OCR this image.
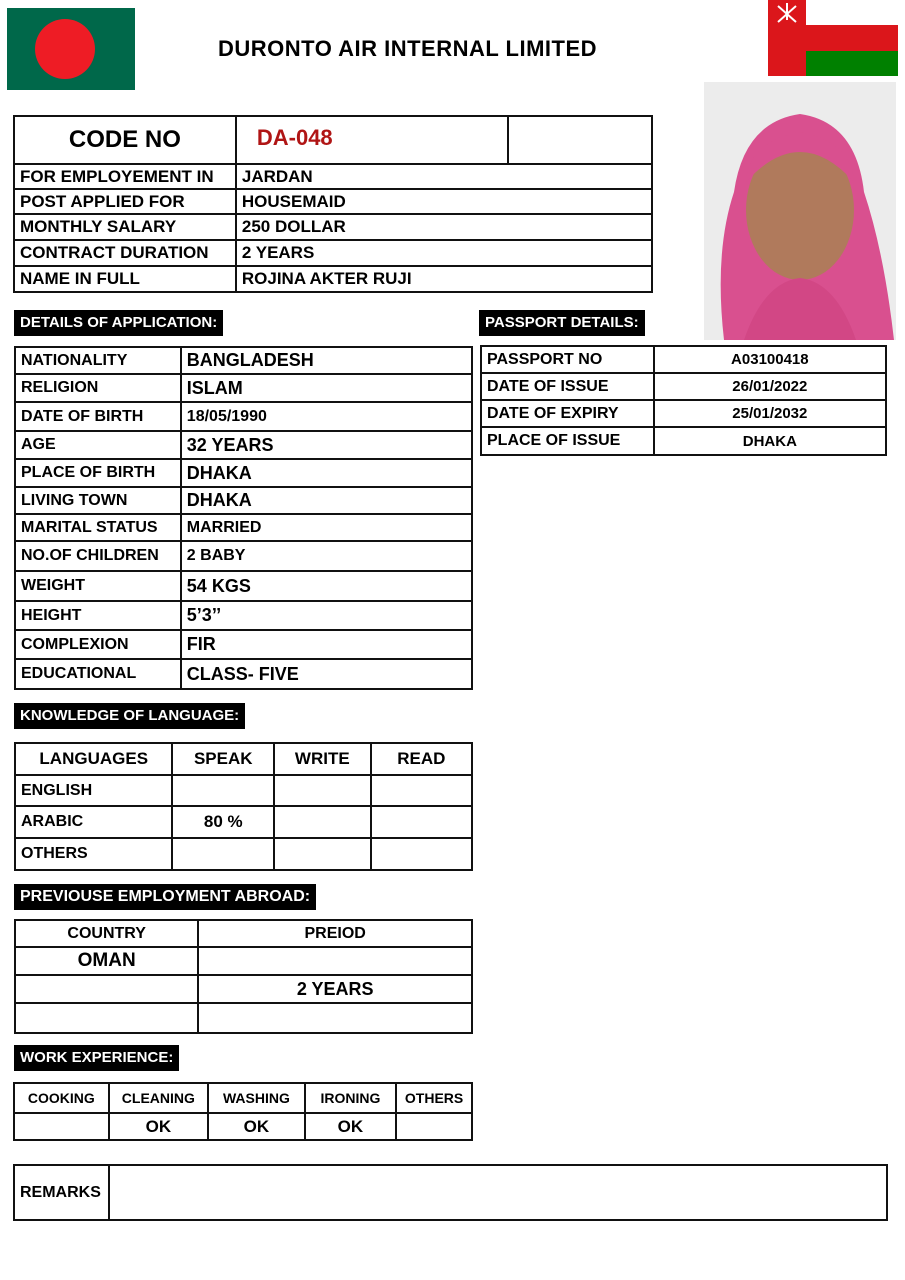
DURONTO AIR INTERNAL LIMITED
CODE NO	DA-048	
FOR EMPLOYEMENT IN	JARDAN	
POST APPLIED FOR	HOUSEMAID	
MONTHLY SALARY	250 DOLLAR	
CONTRACT DURATION	2 YEARS	
NAME IN FULL	ROJINA AKTER RUJI	
DETAILS OF APPLICATION:	PASSPORT DETAILS:
NATIONALITY	BANGLADESH
RELIGION	ISLAM
DATE OF BIRTH	18/05/1990
AGE	32 YEARS
PLACE OF BIRTH	DHAKA
LIVING TOWN	DHAKA
MARITAL STATUS	MARRIED
NO.OF CHILDREN	2 BABY
WEIGHT	54 KGS
HEIGHT	5’3’’
COMPLEXION	FIR
EDUCATIONAL	CLASS- FIVE
PASSPORT NO	A03100418
DATE OF ISSUE	26/01/2022
DATE OF EXPIRY	25/01/2032
PLACE OF ISSUE	DHAKA
KNOWLEDGE OF LANGUAGE:
LANGUAGES	SPEAK	WRITE	READ
ENGLISH			
ARABIC	80 %		
OTHERS			
PREVIOUSE EMPLOYMENT ABROAD:
COUNTRY	PREIOD
OMAN	
	2 YEARS

WORK EXPERIENCE:
COOKING	CLEANING	WASHING	IRONING	OTHERS
	OK	OK	OK	
REMARKS	
